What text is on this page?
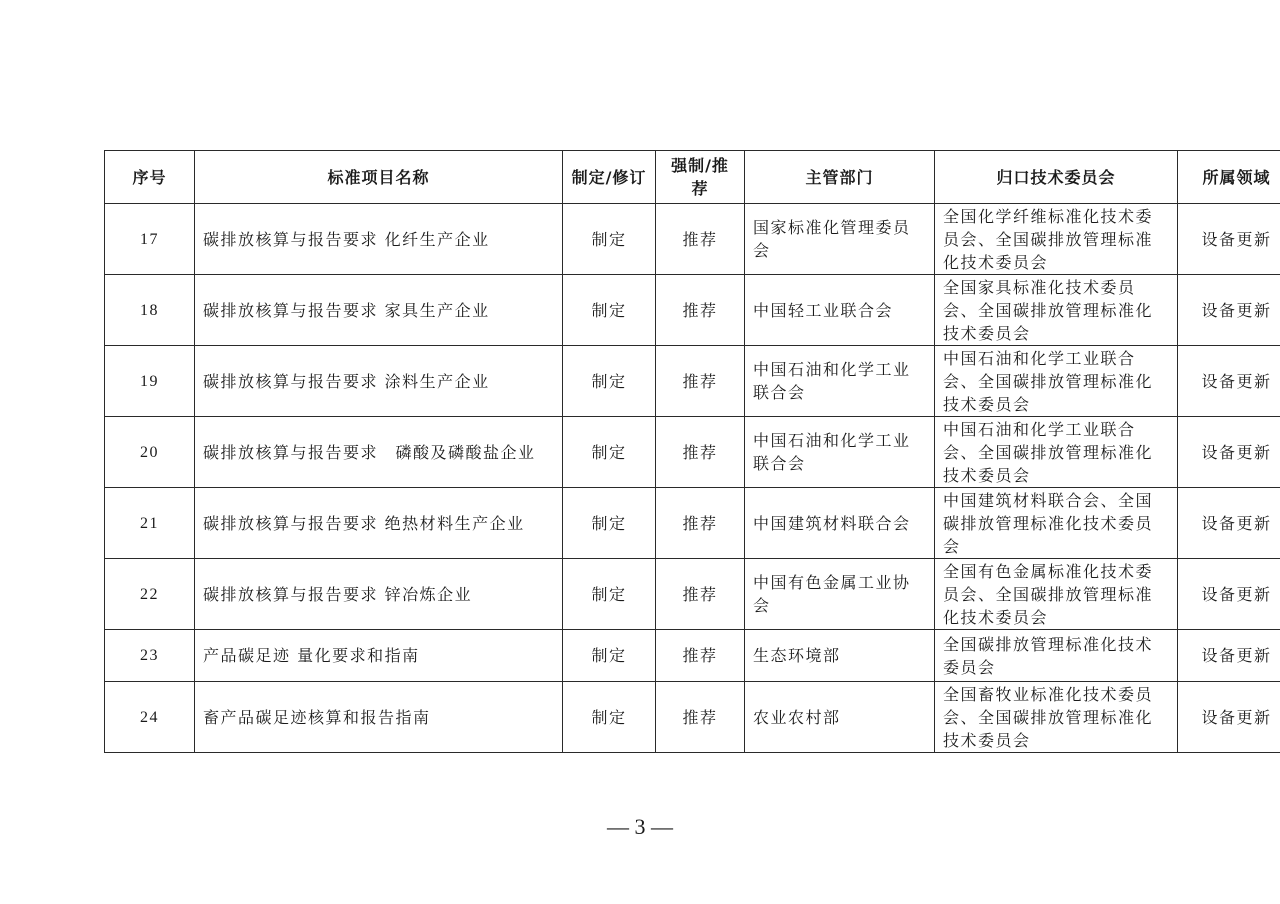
序号	标准项目名称	制定/修订	强制/推荐	主管部门	归口技术委员会	所属领域
17	碳排放核算与报告要求 化纤生产企业	制定	推荐	国家标准化管理委员会	全国化学纤维标准化技术委员会、全国碳排放管理标准化技术委员会	设备更新
18	碳排放核算与报告要求 家具生产企业	制定	推荐	中国轻工业联合会	全国家具标准化技术委员会、全国碳排放管理标准化技术委员会	设备更新
19	碳排放核算与报告要求 涂料生产企业	制定	推荐	中国石油和化学工业联合会	中国石油和化学工业联合会、全国碳排放管理标准化技术委员会	设备更新
20	碳排放核算与报告要求　磷酸及磷酸盐企业	制定	推荐	中国石油和化学工业联合会	中国石油和化学工业联合会、全国碳排放管理标准化技术委员会	设备更新
21	碳排放核算与报告要求 绝热材料生产企业	制定	推荐	中国建筑材料联合会	中国建筑材料联合会、全国碳排放管理标准化技术委员会	设备更新
22	碳排放核算与报告要求 锌冶炼企业	制定	推荐	中国有色金属工业协会	全国有色金属标准化技术委员会、全国碳排放管理标准化技术委员会	设备更新
23	产品碳足迹 量化要求和指南	制定	推荐	生态环境部	全国碳排放管理标准化技术委员会	设备更新
24	畜产品碳足迹核算和报告指南	制定	推荐	农业农村部	全国畜牧业标准化技术委员会、全国碳排放管理标准化技术委员会	设备更新
— 3 —
